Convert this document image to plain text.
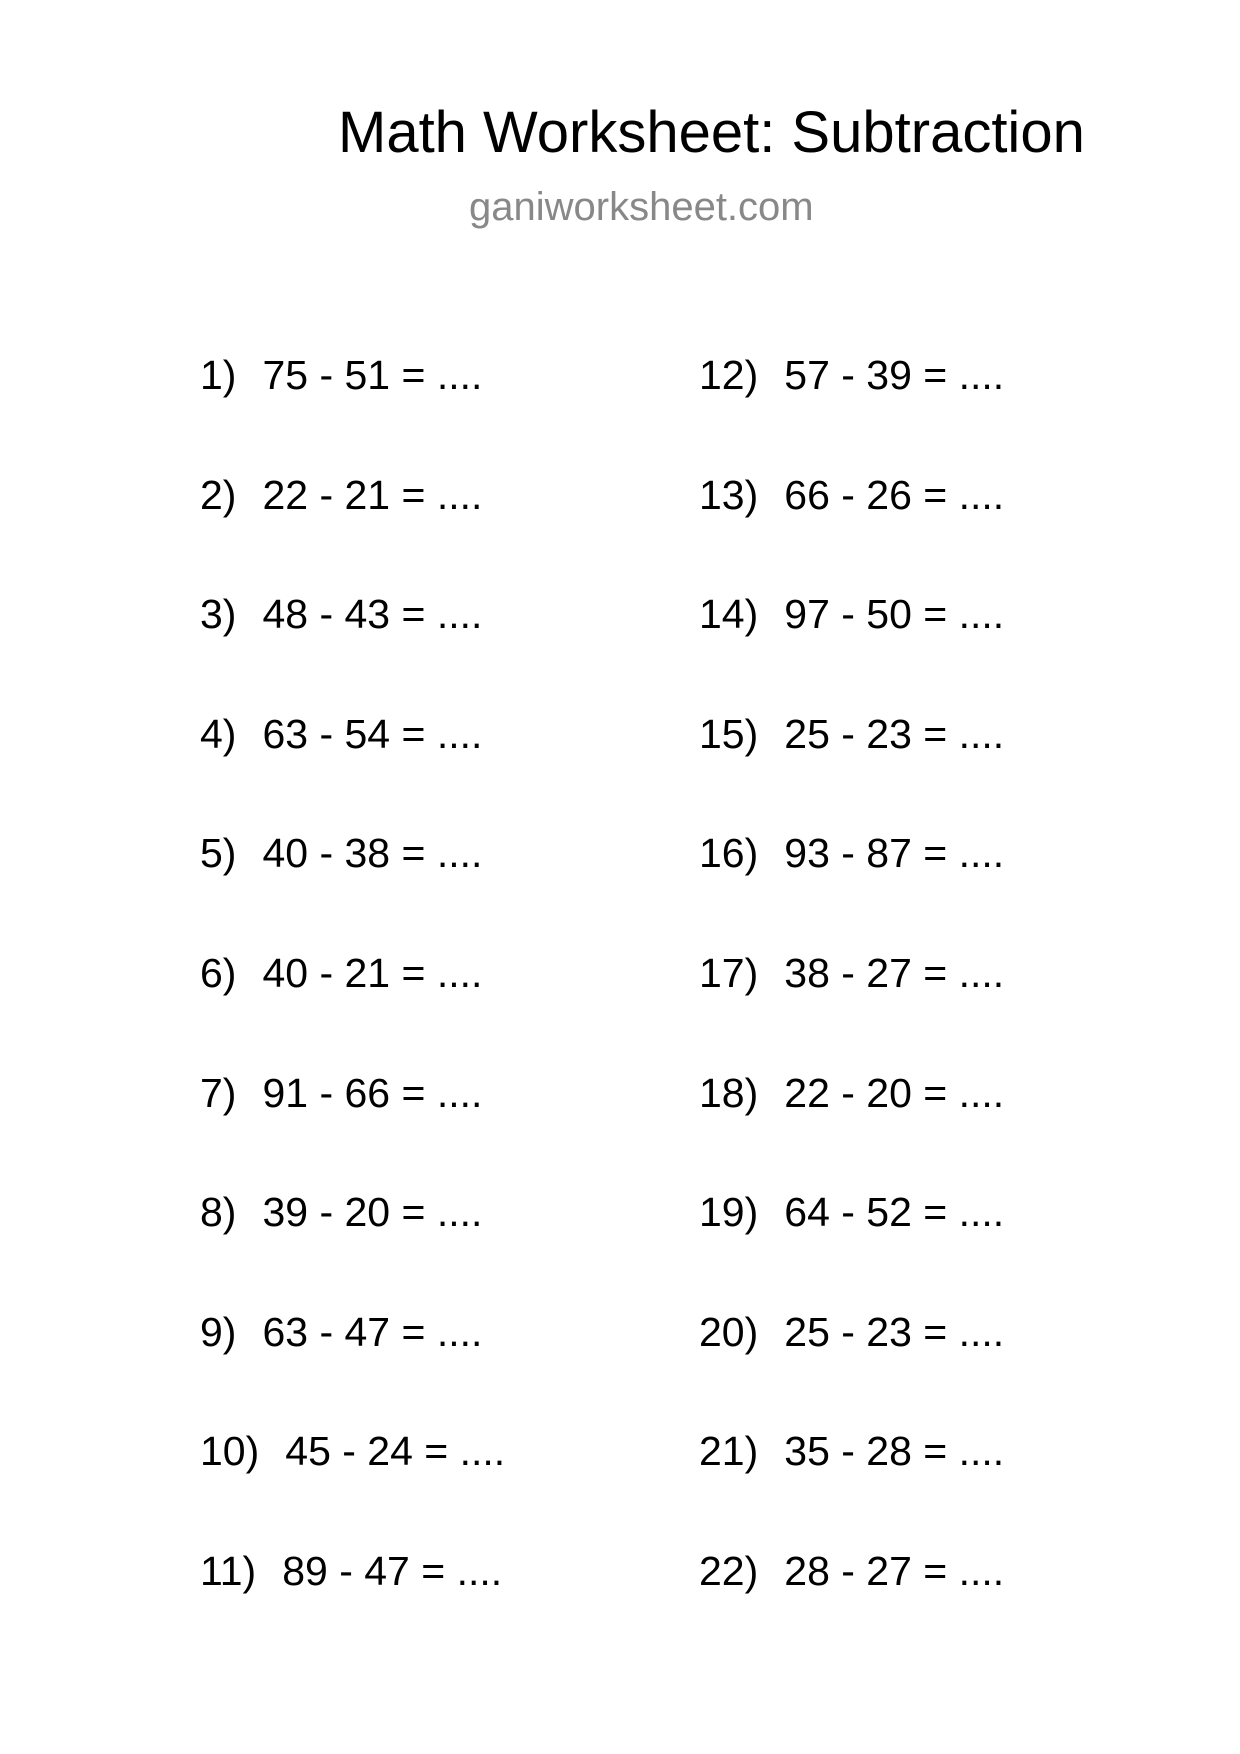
Math Worksheet: Subtraction
ganiworksheet.com
1) 75 - 51 = ....
2) 22 - 21 = ....
3) 48 - 43 = ....
4) 63 - 54 = ....
5) 40 - 38 = ....
6) 40 - 21 = ....
7) 91 - 66 = ....
8) 39 - 20 = ....
9) 63 - 47 = ....
10) 45 - 24 = ....
11) 89 - 47 = ....
12) 57 - 39 = ....
13) 66 - 26 = ....
14) 97 - 50 = ....
15) 25 - 23 = ....
16) 93 - 87 = ....
17) 38 - 27 = ....
18) 22 - 20 = ....
19) 64 - 52 = ....
20) 25 - 23 = ....
21) 35 - 28 = ....
22) 28 - 27 = ....
